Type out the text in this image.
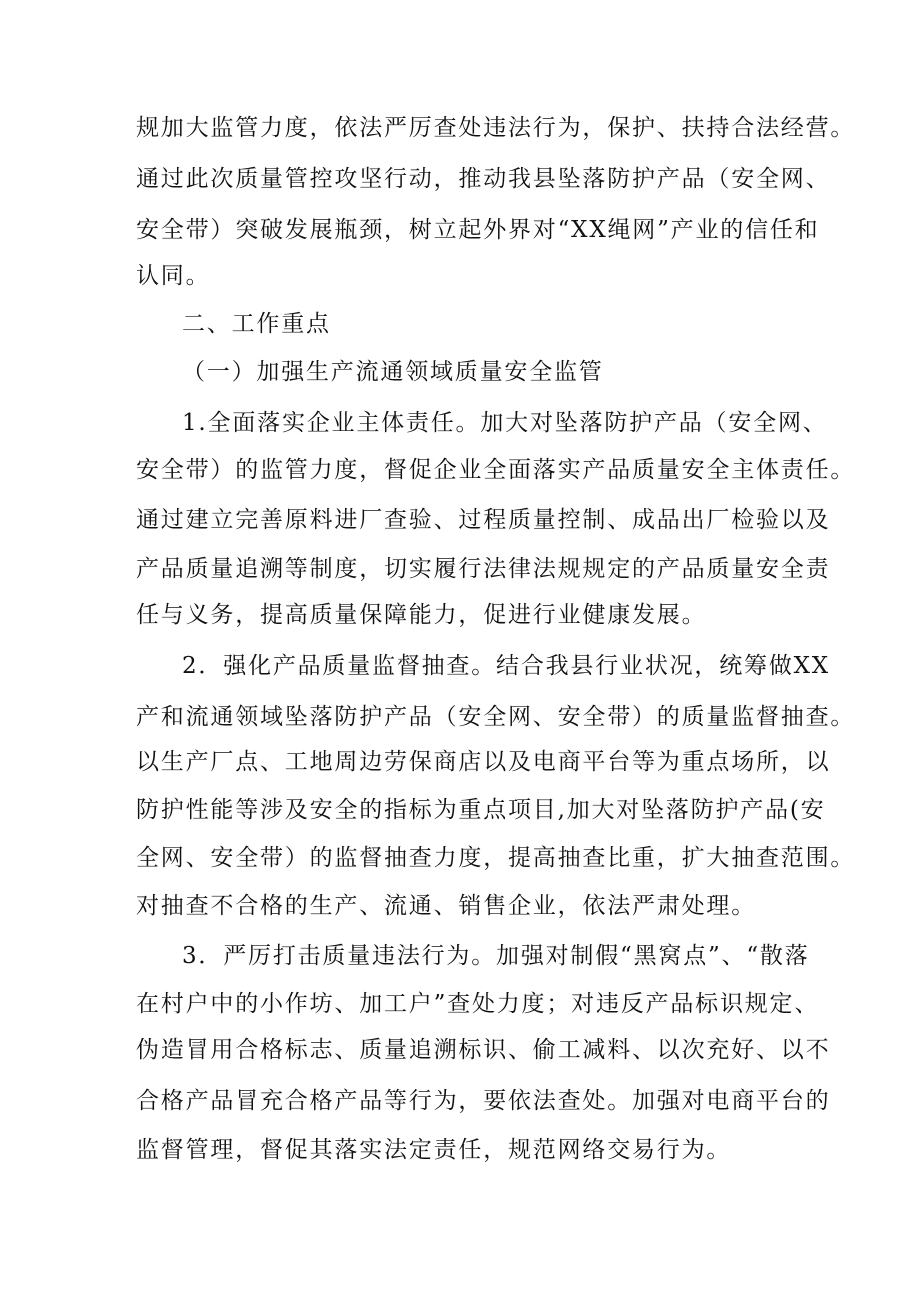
规加大监管力度，依法严厉查处违法行为，保护、扶持合法经营。
通过此次质量管控攻坚行动，推动我县坠落防护产品（安全网、
安全带）突破发展瓶颈，树立起外界对“XX绳网”产业的信任和
认同。
二、工作重点
（一）加强生产流通领域质量安全监管
1.全面落实企业主体责任。加大对坠落防护产品（安全网、
安全带）的监管力度，督促企业全面落实产品质量安全主体责任。
通过建立完善原料进厂查验、过程质量控制、成品出厂检验以及
产品质量追溯等制度，切实履行法律法规规定的产品质量安全责
任与义务，提高质量保障能力，促进行业健康发展。
2．强化产品质量监督抽查。结合我县行业状况，统筹做XX
产和流通领域坠落防护产品（安全网、安全带）的质量监督抽查。
以生产厂点、工地周边劳保商店以及电商平台等为重点场所，以
防护性能等涉及安全的指标为重点项目,加大对坠落防护产品(安
全网、安全带）的监督抽查力度，提高抽查比重，扩大抽查范围。
对抽查不合格的生产、流通、销售企业，依法严肃处理。
3．严厉打击质量违法行为。加强对制假“黑窝点”、“散落
在村户中的小作坊、加工户”查处力度；对违反产品标识规定、
伪造冒用合格标志、质量追溯标识、偷工减料、以次充好、以不
合格产品冒充合格产品等行为，要依法查处。加强对电商平台的
监督管理，督促其落实法定责任，规范网络交易行为。
